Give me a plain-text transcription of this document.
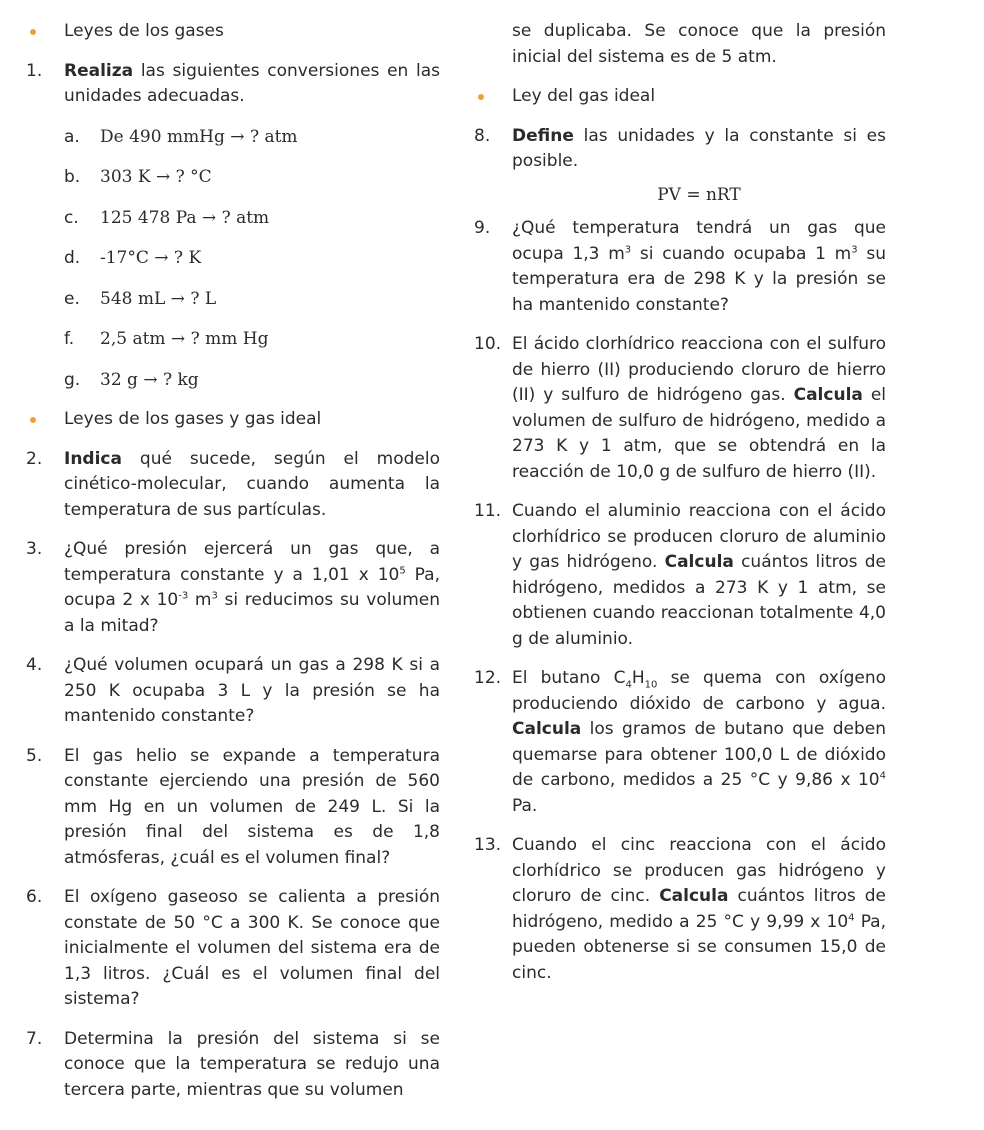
Leyes de los gases
1. Realiza las siguientes conversiones en las unidades adecuadas.

a. De 490 mmHg → ? atm
b. 303 K → ? °C
c. 125 478 Pa → ? atm
d. -17°C → ? K
e. 548 mL → ? L
f. 2,5 atm → ? mm Hg
g. 32 g → ? kg
Leyes de los gases y gas ideal
2. Indica qué sucede, según el modelo cinético-molecular, cuando aumenta la temperatura de sus partículas.

3. ¿Qué presión ejercerá un gas que, a temperatura constante y a 1,01 x $10^5$ Pa, ocupa 2 x $10^{-3}$ $m^3$ si reducimos su volumen a la mitad?

4. ¿Qué volumen ocupará un gas a 298 K si a 250 K ocupaba 3 L y la presión se ha mantenido constante?

5. El gas helio se expande a temperatura constante ejerciendo una presión de 560 mm Hg en un volumen de 249 L. Si la presión final del sistema es de 1,8 atmósferas, ¿cuál es el volumen final?

6. El oxígeno gaseoso se calienta a presión constate de 50 °C a 300 K. Se conoce que inicialmente el volumen del sistema era de 1,3 litros. ¿Cuál es el volumen final del sistema?

7. Determina la presión del sistema si se conoce que la temperatura se redujo una tercera parte, mientras que su volumen

se duplicaba. Se conoce que la presión inicial del sistema es de 5 atm.

Ley del gas ideal
8. Define las unidades y la constante si es posible.

PV = nRT
9. ¿Qué temperatura tendrá un gas que ocupa 1,3 $m^3$ si cuando ocupaba 1 $m^3$ su temperatura era de 298 K y la presión se ha mantenido constante?

10. El ácido clorhídrico reacciona con el sulfuro de hierro (II) produciendo cloruro de hierro (II) y sulfuro de hidrógeno gas. Calcula el volumen de sulfuro de hidrógeno, medido a 273 K y 1 atm, que se obtendrá en la reacción de 10,0 g de sulfuro de hierro (II).

11. Cuando el aluminio reacciona con el ácido clorhídrico se producen cloruro de aluminio y gas hidrógeno. Calcula cuántos litros de hidrógeno, medidos a 273 K y 1 atm, se obtienen cuando reaccionan totalmente 4,0 g de aluminio.

12. El butano $C_4H_{10}$ se quema con oxígeno produciendo dióxido de carbono y agua. Calcula los gramos de butano que deben quemarse para obtener 100,0 L de dióxido de carbono, medidos a 25 °C y 9,86 x $10^4$ Pa.

13. Cuando el cinc reacciona con el ácido clorhídrico se producen gas hidrógeno y cloruro de cinc. Calcula cuántos litros de hidrógeno, medido a 25 °C y 9,99 x $10^4$ Pa, pueden obtenerse si se consumen 15,0 de cinc.
